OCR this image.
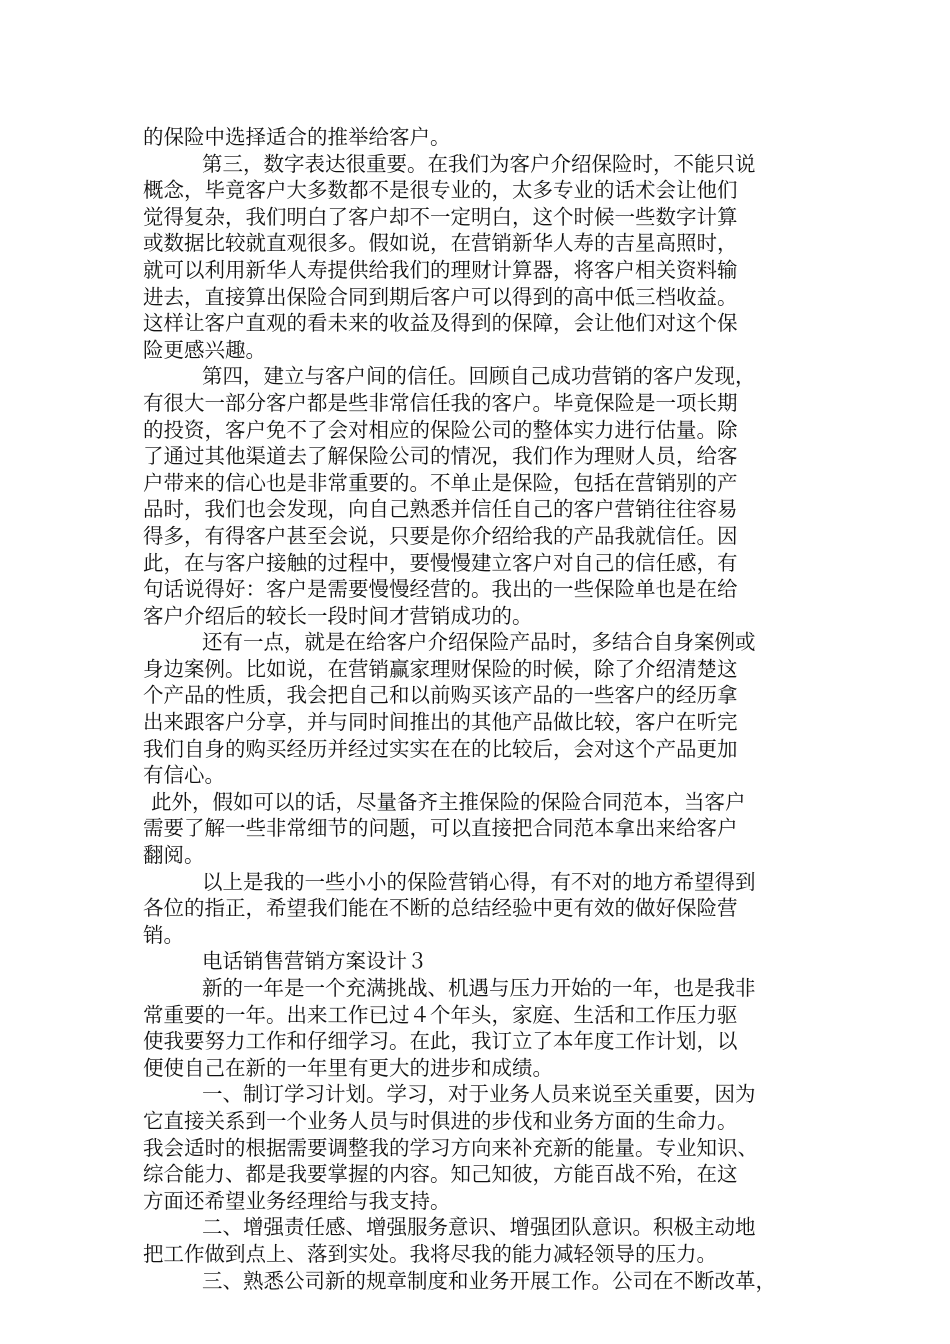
的保险中选择适合的推举给客户。
第三，数字表达很重要。在我们为客户介绍保险时，不能只说
概念，毕竟客户大多数都不是很专业的，太多专业的话术会让他们
觉得复杂，我们明白了客户却不一定明白，这个时候一些数字计算
或数据比较就直观很多。假如说，在营销新华人寿的吉星高照时，
就可以利用新华人寿提供给我们的理财计算器，将客户相关资料输
进去，直接算出保险合同到期后客户可以得到的高中低三档收益。
这样让客户直观的看未来的收益及得到的保障，会让他们对这个保
险更感兴趣。
第四，建立与客户间的信任。回顾自己成功营销的客户发现，
有很大一部分客户都是些非常信任我的客户。毕竟保险是一项长期
的投资，客户免不了会对相应的保险公司的整体实力进行估量。除
了通过其他渠道去了解保险公司的情况，我们作为理财人员，给客
户带来的信心也是非常重要的。不单止是保险，包括在营销别的产
品时，我们也会发现，向自己熟悉并信任自己的客户营销往往容易
得多，有得客户甚至会说，只要是你介绍给我的产品我就信任。因
此，在与客户接触的过程中，要慢慢建立客户对自己的信任感，有
句话说得好：客户是需要慢慢经营的。我出的一些保险单也是在给
客户介绍后的较长一段时间才营销成功的。
还有一点，就是在给客户介绍保险产品时，多结合自身案例或
身边案例。比如说，在营销赢家理财保险的时候，除了介绍清楚这
个产品的性质，我会把自己和以前购买该产品的一些客户的经历拿
出来跟客户分享，并与同时间推出的其他产品做比较，客户在听完
我们自身的购买经历并经过实实在在的比较后，会对这个产品更加
有信心。
此外，假如可以的话，尽量备齐主推保险的保险合同范本，当客户
需要了解一些非常细节的问题，可以直接把合同范本拿出来给客户
翻阅。
以上是我的一些小小的保险营销心得，有不对的地方希望得到
各位的指正，希望我们能在不断的总结经验中更有效的做好保险营
销。
电话销售营销方案设计３
新的一年是一个充满挑战、机遇与压力开始的一年，也是我非
常重要的一年。出来工作已过４个年头，家庭、生活和工作压力驱
使我要努力工作和仔细学习。在此，我订立了本年度工作计划，以
便使自己在新的一年里有更大的进步和成绩。
一、制订学习计划。学习，对于业务人员来说至关重要，因为
它直接关系到一个业务人员与时俱进的步伐和业务方面的生命力。
我会适时的根据需要调整我的学习方向来补充新的能量。专业知识、
综合能力、都是我要掌握的内容。知己知彼，方能百战不殆，在这
方面还希望业务经理给与我支持。
二、增强责任感、增强服务意识、增强团队意识。积极主动地
把工作做到点上、落到实处。我将尽我的能力减轻领导的压力。
三、熟悉公司新的规章制度和业务开展工作。公司在不断改革，
